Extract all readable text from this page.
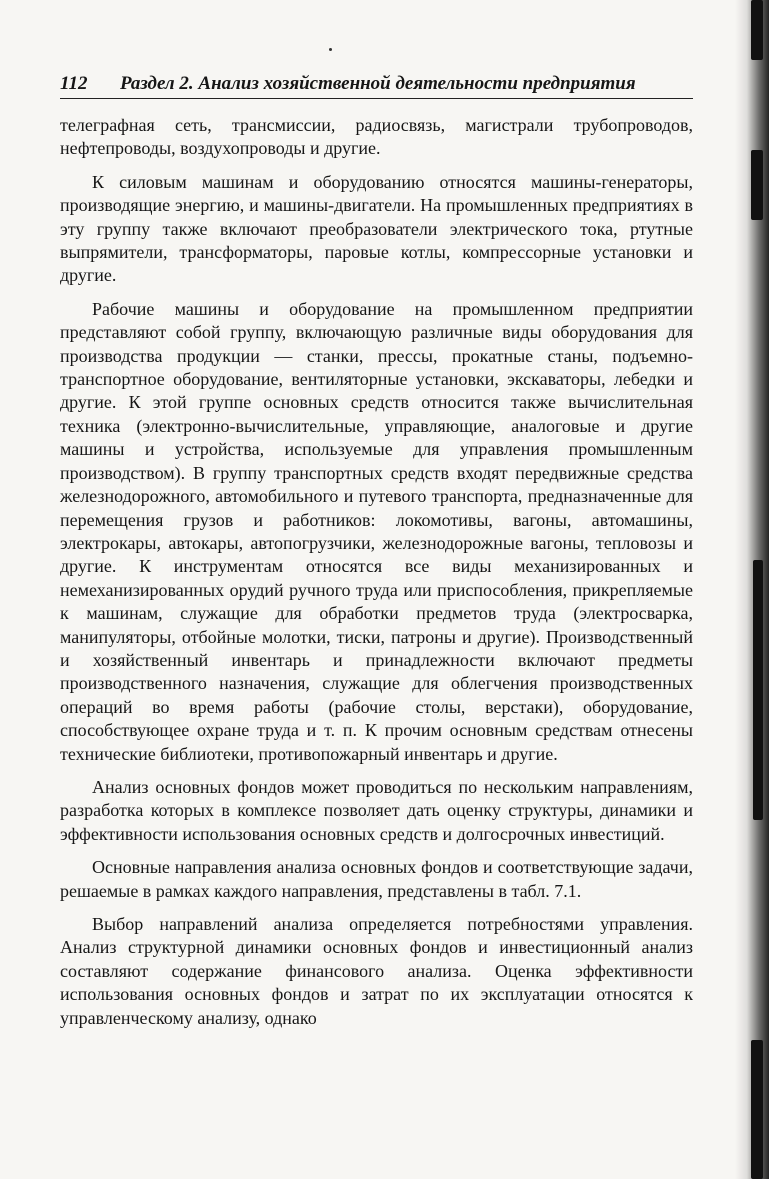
112 Раздел 2. Анализ хозяйственной деятельности предприятия

телеграфная сеть, трансмиссии, радиосвязь, магистрали трубопроводов, нефтепроводы, воздухопроводы и другие.

К силовым машинам и оборудованию относятся машины-генераторы, производящие энергию, и машины-двигатели. На промышленных предприятиях в эту группу также включают преобразователи электрического тока, ртутные выпрямители, трансформаторы, паровые котлы, компрессорные установки и другие.

Рабочие машины и оборудование на промышленном предприятии представляют собой группу, включающую различные виды оборудования для производства продукции — станки, прессы, прокатные станы, подъемно-транспортное оборудование, вентиляторные установки, экскаваторы, лебедки и другие. К этой группе основных средств относится также вычислительная техника (электронно-вычислительные, управляющие, аналоговые и другие машины и устройства, используемые для управления промышленным производством). В группу транспортных средств входят передвижные средства железнодорожного, автомобильного и путевого транспорта, предназначенные для перемещения грузов и работников: локомотивы, вагоны, автомашины, электрокары, автокары, автопогрузчики, железнодорожные вагоны, тепловозы и другие. К инструментам относятся все виды механизированных и немеханизированных орудий ручного труда или приспособления, прикрепляемые к машинам, служащие для обработки предметов труда (электросварка, манипуляторы, отбойные молотки, тиски, патроны и другие). Производственный и хозяйственный инвентарь и принадлежности включают предметы производственного назначения, служащие для облегчения производственных операций во время работы (рабочие столы, верстаки), оборудование, способствующее охране труда и т. п. К прочим основным средствам отнесены технические библиотеки, противопожарный инвентарь и другие.

Анализ основных фондов может проводиться по нескольким направлениям, разработка которых в комплексе позволяет дать оценку структуры, динамики и эффективности использования основных средств и долгосрочных инвестиций.

Основные направления анализа основных фондов и соответствующие задачи, решаемые в рамках каждого направления, представлены в табл. 7.1.

Выбор направлений анализа определяется потребностями управления. Анализ структурной динамики основных фондов и инвестиционный анализ составляют содержание финансового анализа. Оценка эффективности использования основных фондов и затрат по их эксплуатации относятся к управленческому анализу, однако
